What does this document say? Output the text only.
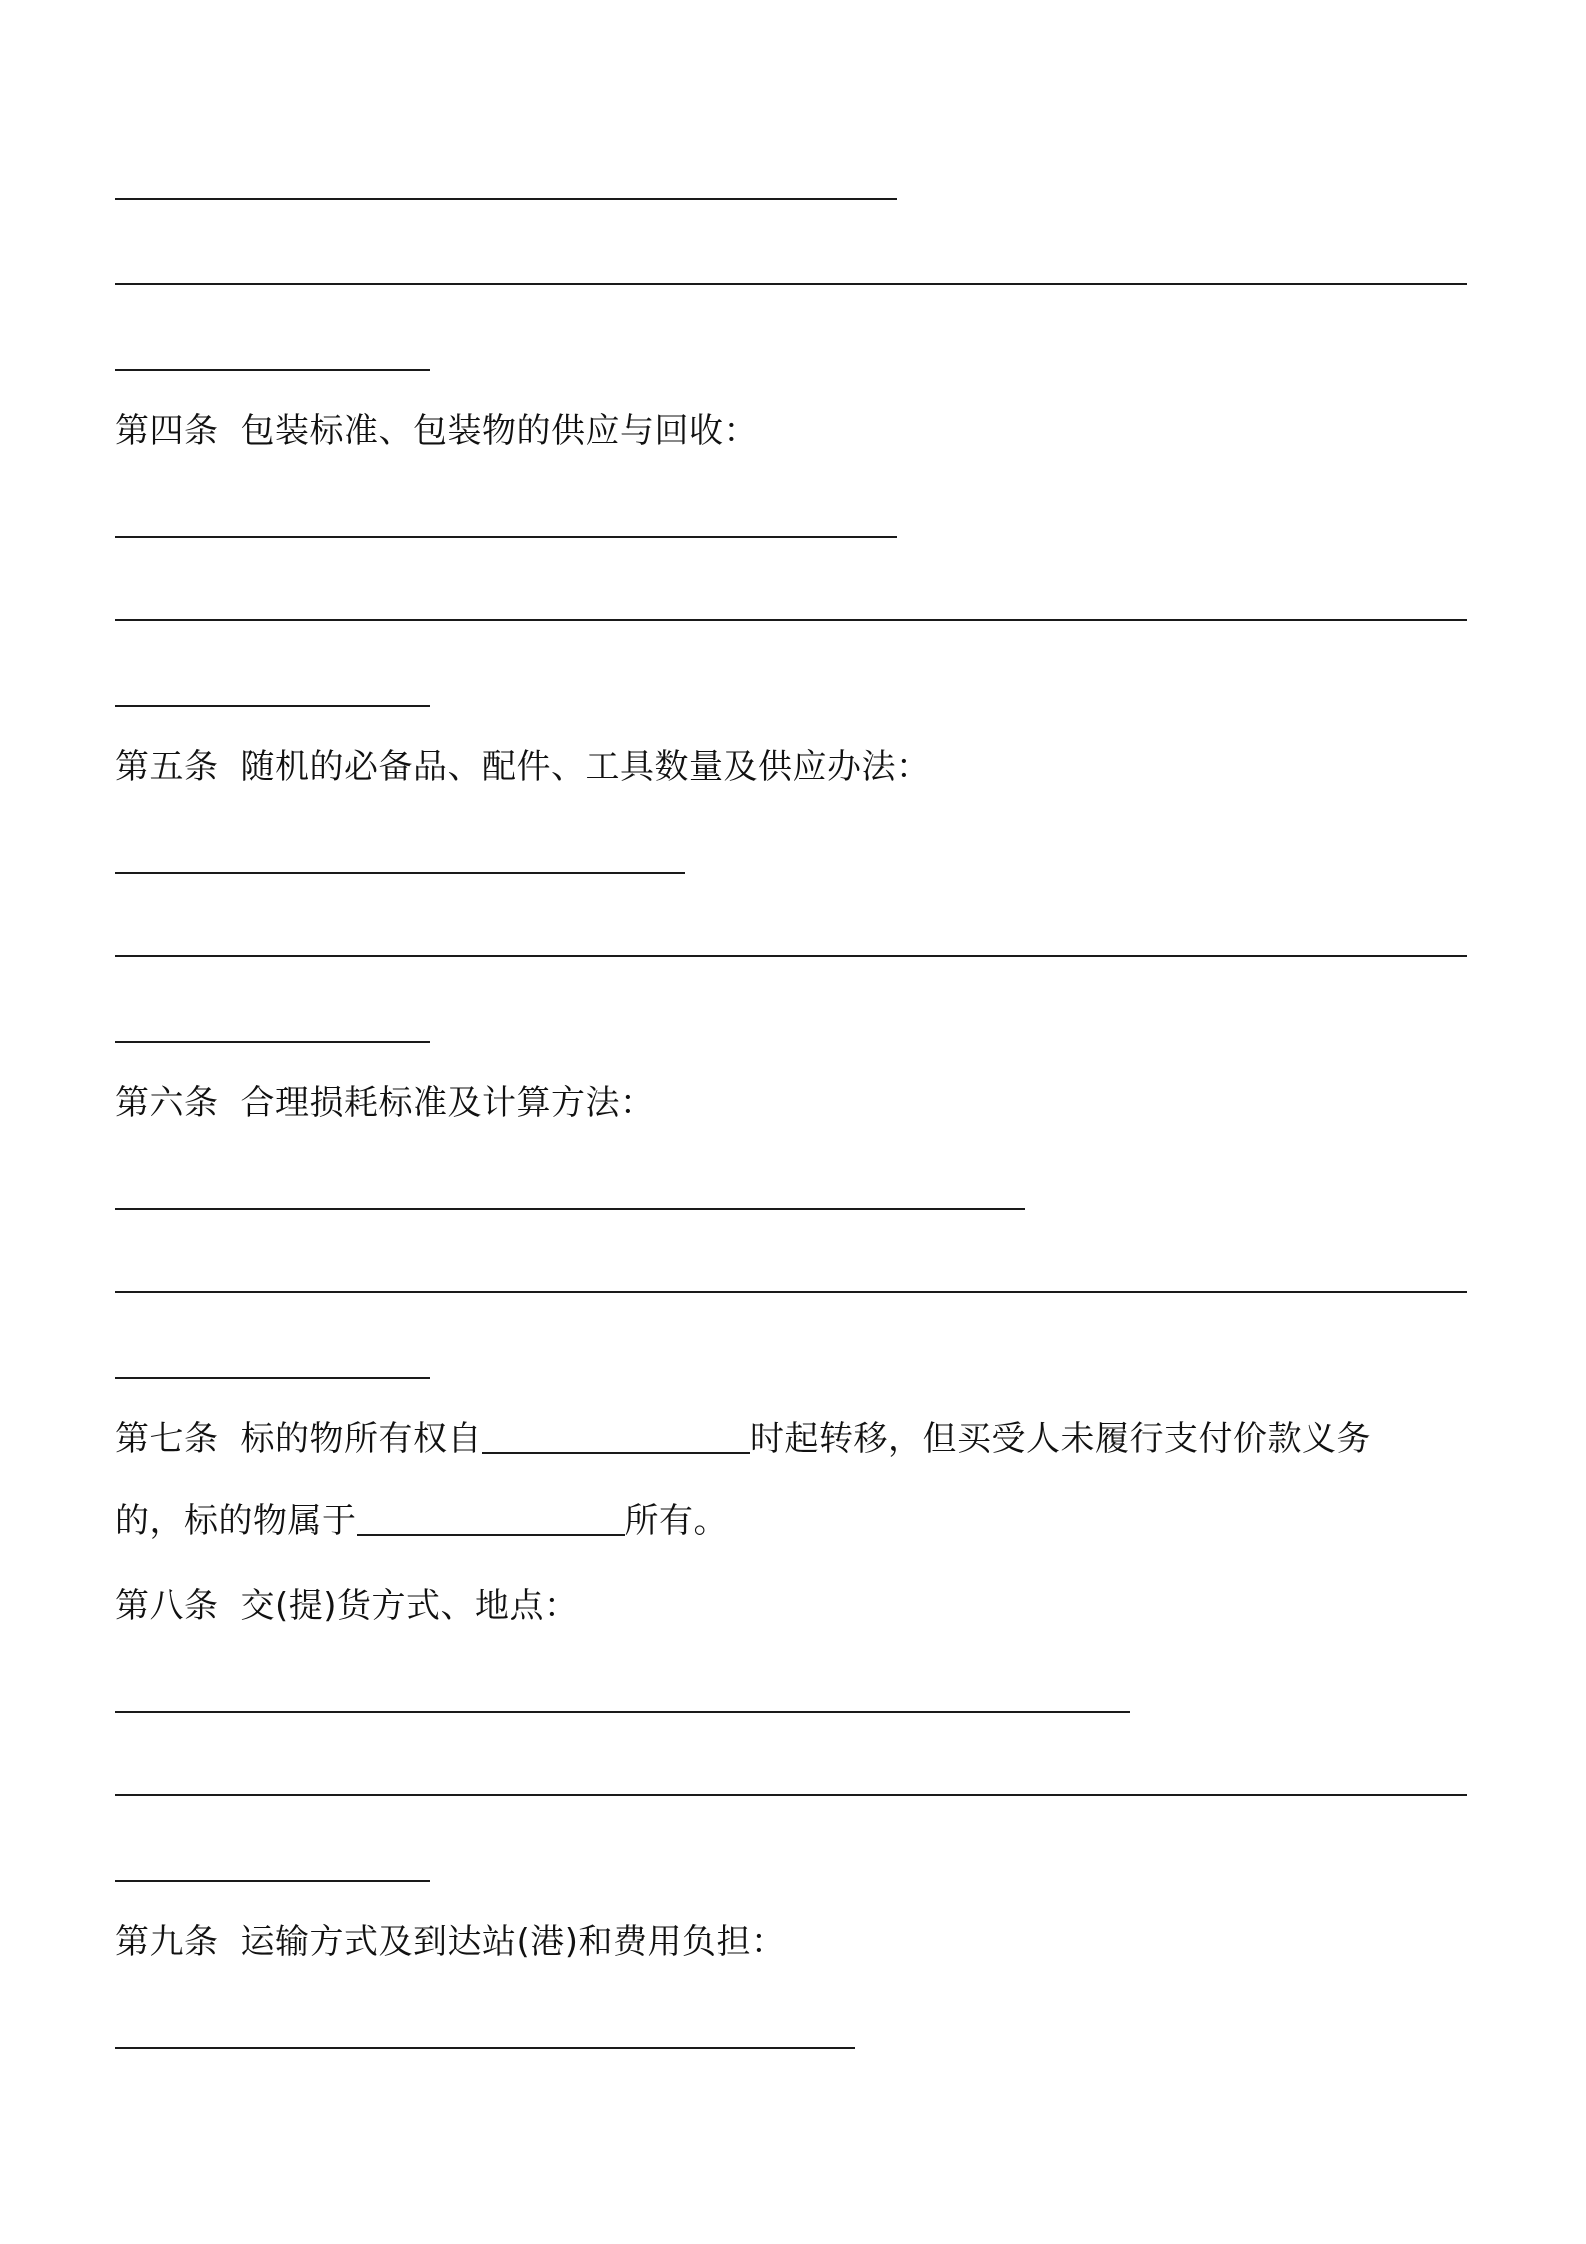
第四条 包装标准、包装物的供应与回收：
第五条 随机的必备品、配件、工具数量及供应办法：
第六条 合理损耗标准及计算方法：
第七条 标的物所有权自	时起转移，但买受人未履行支付价款义务
的，标的物属于	所有。
第八条 交(提)货方式、地点：
第九条 运输方式及到达站(港)和费用负担：
